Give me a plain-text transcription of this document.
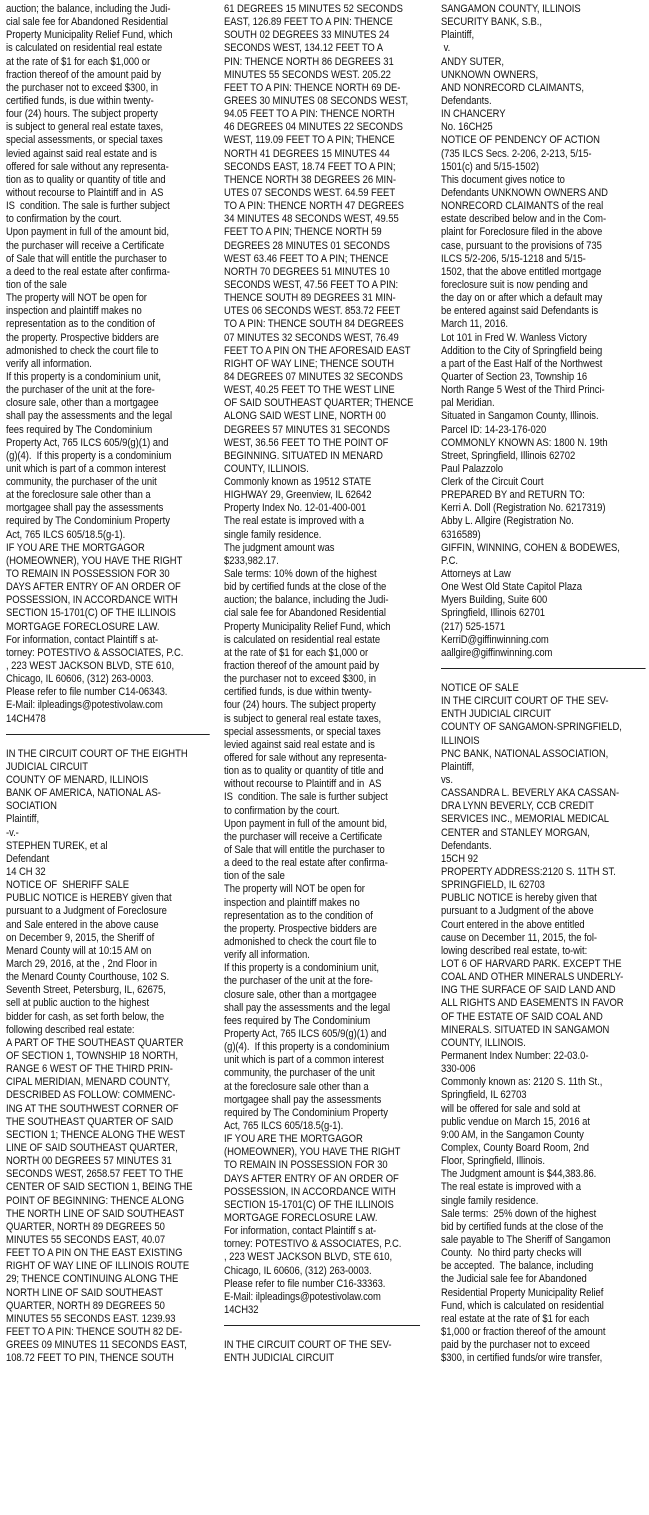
auction; the balance, including the Judi-
cial sale fee for Abandoned Residential
Property Municipality Relief Fund, which
is calculated on residential real estate
at the rate of $1 for each $1,000 or
fraction thereof of the amount paid by
the purchaser not to exceed $300, in
certified funds, is due within twenty-
four (24) hours. The subject property
is subject to general real estate taxes,
special assessments, or special taxes
levied against said real estate and is
offered for sale without any representa-
tion as to quality or quantity of title and
without recourse to Plaintiff and in  AS
IS  condition. The sale is further subject
to confirmation by the court.
Upon payment in full of the amount bid,
the purchaser will receive a Certificate
of Sale that will entitle the purchaser to
a deed to the real estate after confirma-
tion of the sale
The property will NOT be open for
inspection and plaintiff makes no
representation as to the condition of
the property. Prospective bidders are
admonished to check the court file to
verify all information.
If this property is a condominium unit,
the purchaser of the unit at the fore-
closure sale, other than a mortgagee
shall pay the assessments and the legal
fees required by The Condominium
Property Act, 765 ILCS 605/9(g)(1) and
(g)(4).  If this property is a condominium
unit which is part of a common interest
community, the purchaser of the unit
at the foreclosure sale other than a
mortgagee shall pay the assessments
required by The Condominium Property
Act, 765 ILCS 605/18.5(g-1).
IF YOU ARE THE MORTGAGOR
(HOMEOWNER), YOU HAVE THE RIGHT
TO REMAIN IN POSSESSION FOR 30
DAYS AFTER ENTRY OF AN ORDER OF
POSSESSION, IN ACCORDANCE WITH
SECTION 15-1701(C) OF THE ILLINOIS
MORTGAGE FORECLOSURE LAW.
For information, contact Plaintiff s at-
torney: POTESTIVO & ASSOCIATES, P.C.
, 223 WEST JACKSON BLVD, STE 610,
Chicago, IL 60606, (312) 263-0003.
Please refer to file number C14-06343.
E-Mail: ilpleadings@potestivolaw.com
14CH478
IN THE CIRCUIT COURT OF THE EIGHTH
JUDICIAL CIRCUIT
COUNTY OF MENARD, ILLINOIS
BANK OF AMERICA, NATIONAL AS-
SOCIATION
Plaintiff,
-v.-
STEPHEN TUREK, et al
Defendant
14 CH 32
NOTICE OF  SHERIFF SALE
PUBLIC NOTICE is HEREBY given that
pursuant to a Judgment of Foreclosure
and Sale entered in the above cause
on December 9, 2015, the Sheriff of
Menard County will at 10:15 AM on
March 29, 2016, at the , 2nd Floor in
the Menard County Courthouse, 102 S.
Seventh Street, Petersburg, IL, 62675,
sell at public auction to the highest
bidder for cash, as set forth below, the
following described real estate:
A PART OF THE SOUTHEAST QUARTER
OF SECTION 1, TOWNSHIP 18 NORTH,
RANGE 6 WEST OF THE THIRD PRIN-
CIPAL MERIDIAN, MENARD COUNTY,
DESCRIBED AS FOLLOW: COMMENC-
ING AT THE SOUTHWEST CORNER OF
THE SOUTHEAST QUARTER OF SAID
SECTION 1; THENCE ALONG THE WEST
LINE OF SAID SOUTHEAST QUARTER,
NORTH 00 DEGREES 57 MINUTES 31
SECONDS WEST, 2658.57 FEET TO THE
CENTER OF SAID SECTION 1, BEING THE
POINT OF BEGINNING: THENCE ALONG
THE NORTH LINE OF SAID SOUTHEAST
QUARTER, NORTH 89 DEGREES 50
MINUTES 55 SECONDS EAST, 40.07
FEET TO A PIN ON THE EAST EXISTING
RIGHT OF WAY LINE OF ILLINOIS ROUTE
29; THENCE CONTINUING ALONG THE
NORTH LINE OF SAID SOUTHEAST
QUARTER, NORTH 89 DEGREES 50
MINUTES 55 SECONDS EAST. 1239.93
FEET TO A PIN: THENCE SOUTH 82 DE-
GREES 09 MINUTES 11 SECONDS EAST,
108.72 FEET TO PIN, THENCE SOUTH
61 DEGREES 15 MINUTES 52 SECONDS
EAST, 126.89 FEET TO A PIN: THENCE
SOUTH 02 DEGREES 33 MINUTES 24
SECONDS WEST, 134.12 FEET TO A
PIN: THENCE NORTH 86 DEGREES 31
MINUTES 55 SECONDS WEST. 205.22
FEET TO A PIN: THENCE NORTH 69 DE-
GREES 30 MINUTES 08 SECONDS WEST,
94.05 FEET TO A PIN: THENCE NORTH
46 DEGREES 04 MINUTES 22 SECONDS
WEST, 119.09 FEET TO A PIN; THENCE
NORTH 41 DEGREES 15 MINUTES 44
SECONDS EAST, 18.74 FEET TO A PIN;
THENCE NORTH 38 DEGREES 26 MIN-
UTES 07 SECONDS WEST. 64.59 FEET
TO A PIN: THENCE NORTH 47 DEGREES
34 MINUTES 48 SECONDS WEST, 49.55
FEET TO A PIN; THENCE NORTH 59
DEGREES 28 MINUTES 01 SECONDS
WEST 63.46 FEET TO A PIN; THENCE
NORTH 70 DEGREES 51 MINUTES 10
SECONDS WEST, 47.56 FEET TO A PIN:
THENCE SOUTH 89 DEGREES 31 MIN-
UTES 06 SECONDS WEST. 853.72 FEET
TO A PIN: THENCE SOUTH 84 DEGREES
07 MINUTES 32 SECONDS WEST, 76.49
FEET TO A PIN ON THE AFORESAID EAST
RIGHT OF WAY LINE; THENCE SOUTH
84 DEGREES 07 MINUTES 32 SECONDS
WEST, 40.25 FEET TO THE WEST LINE
OF SAID SOUTHEAST QUARTER; THENCE
ALONG SAID WEST LINE, NORTH 00
DEGREES 57 MINUTES 31 SECONDS
WEST, 36.56 FEET TO THE POINT OF
BEGINNING. SITUATED IN MENARD
COUNTY, ILLINOIS.
Commonly known as 19512 STATE
HIGHWAY 29, Greenview, IL 62642
Property Index No. 12-01-400-001
The real estate is improved with a
single family residence.
The judgment amount was
$233,982.17.
Sale terms: 10% down of the highest
bid by certified funds at the close of the
auction; the balance, including the Judi-
cial sale fee for Abandoned Residential
Property Municipality Relief Fund, which
is calculated on residential real estate
at the rate of $1 for each $1,000 or
fraction thereof of the amount paid by
the purchaser not to exceed $300, in
certified funds, is due within twenty-
four (24) hours. The subject property
is subject to general real estate taxes,
special assessments, or special taxes
levied against said real estate and is
offered for sale without any representa-
tion as to quality or quantity of title and
without recourse to Plaintiff and in  AS
IS  condition. The sale is further subject
to confirmation by the court.
Upon payment in full of the amount bid,
the purchaser will receive a Certificate
of Sale that will entitle the purchaser to
a deed to the real estate after confirma-
tion of the sale
The property will NOT be open for
inspection and plaintiff makes no
representation as to the condition of
the property. Prospective bidders are
admonished to check the court file to
verify all information.
If this property is a condominium unit,
the purchaser of the unit at the fore-
closure sale, other than a mortgagee
shall pay the assessments and the legal
fees required by The Condominium
Property Act, 765 ILCS 605/9(g)(1) and
(g)(4).  If this property is a condominium
unit which is part of a common interest
community, the purchaser of the unit
at the foreclosure sale other than a
mortgagee shall pay the assessments
required by The Condominium Property
Act, 765 ILCS 605/18.5(g-1).
IF YOU ARE THE MORTGAGOR
(HOMEOWNER), YOU HAVE THE RIGHT
TO REMAIN IN POSSESSION FOR 30
DAYS AFTER ENTRY OF AN ORDER OF
POSSESSION, IN ACCORDANCE WITH
SECTION 15-1701(C) OF THE ILLINOIS
MORTGAGE FORECLOSURE LAW.
For information, contact Plaintiff s at-
torney: POTESTIVO & ASSOCIATES, P.C.
, 223 WEST JACKSON BLVD, STE 610,
Chicago, IL 60606, (312) 263-0003.
Please refer to file number C16-33363.
E-Mail: ilpleadings@potestivolaw.com
14CH32
IN THE CIRCUIT COURT OF THE SEV-
ENTH JUDICIAL CIRCUIT
SANGAMON COUNTY, ILLINOIS
SECURITY BANK, S.B.,
Plaintiff,
v.
ANDY SUTER,
UNKNOWN OWNERS,
AND NONRECORD CLAIMANTS,
Defendants.
IN CHANCERY
No. 16CH25
NOTICE OF PENDENCY OF ACTION
(735 ILCS Secs. 2-206, 2-213, 5/15-
1501(c) and 5/15-1502)
This document gives notice to
Defendants UNKNOWN OWNERS AND
NONRECORD CLAIMANTS of the real
estate described below and in the Com-
plaint for Foreclosure filed in the above
case, pursuant to the provisions of 735
ILCS 5/2-206, 5/15-1218 and 5/15-
1502, that the above entitled mortgage
foreclosure suit is now pending and
the day on or after which a default may
be entered against said Defendants is
March 11, 2016.
Lot 101 in Fred W. Wanless Victory
Addition to the City of Springfield being
a part of the East Half of the Northwest
Quarter of Section 23, Township 16
North Range 5 West of the Third Princi-
pal Meridian.
Situated in Sangamon County, Illinois.
Parcel ID: 14-23-176-020
COMMONLY KNOWN AS: 1800 N. 19th
Street, Springfield, Illinois 62702
Paul Palazzolo
Clerk of the Circuit Court
PREPARED BY and RETURN TO:
Kerri A. Doll (Registration No. 6217319)
Abby L. Allgire (Registration No.
6316589)
GIFFIN, WINNING, COHEN & BODEWES,
P.C.
Attorneys at Law
One West Old State Capitol Plaza
Myers Building, Suite 600
Springfield, Illinois 62701
(217) 525-1571
KerriD@giffinwinning.com
aallgire@giffinwinning.com
NOTICE OF SALE
IN THE CIRCUIT COURT OF THE SEV-
ENTH JUDICIAL CIRCUIT
COUNTY OF SANGAMON-SPRINGFIELD,
ILLINOIS
PNC BANK, NATIONAL ASSOCIATION,
Plaintiff,
vs.
CASSANDRA L. BEVERLY AKA CASSAN-
DRA LYNN BEVERLY, CCB CREDIT
SERVICES INC., MEMORIAL MEDICAL
CENTER and STANLEY MORGAN,
Defendants.
15CH 92
PROPERTY ADDRESS:2120 S. 11TH ST.
SPRINGFIELD, IL 62703
PUBLIC NOTICE is hereby given that
pursuant to a Judgment of the above
Court entered in the above entitled
cause on December 11, 2015, the fol-
lowing described real estate, to-wit:
LOT 6 OF HARVARD PARK. EXCEPT THE
COAL AND OTHER MINERALS UNDERLY-
ING THE SURFACE OF SAID LAND AND
ALL RIGHTS AND EASEMENTS IN FAVOR
OF THE ESTATE OF SAID COAL AND
MINERALS. SITUATED IN SANGAMON
COUNTY, ILLINOIS.
Permanent Index Number: 22-03.0-
330-006
Commonly known as: 2120 S. 11th St.,
Springfield, IL 62703
will be offered for sale and sold at
public vendue on March 15, 2016 at
9:00 AM, in the Sangamon County
Complex, County Board Room, 2nd
Floor, Springfield, Illinois.
The Judgment amount is $44,383.86.
The real estate is improved with a
single family residence.
Sale terms:  25% down of the highest
bid by certified funds at the close of the
sale payable to The Sheriff of Sangamon
County.  No third party checks will
be accepted.  The balance, including
the Judicial sale fee for Abandoned
Residential Property Municipality Relief
Fund, which is calculated on residential
real estate at the rate of $1 for each
$1,000 or fraction thereof of the amount
paid by the purchaser not to exceed
$300, in certified funds/or wire transfer,
